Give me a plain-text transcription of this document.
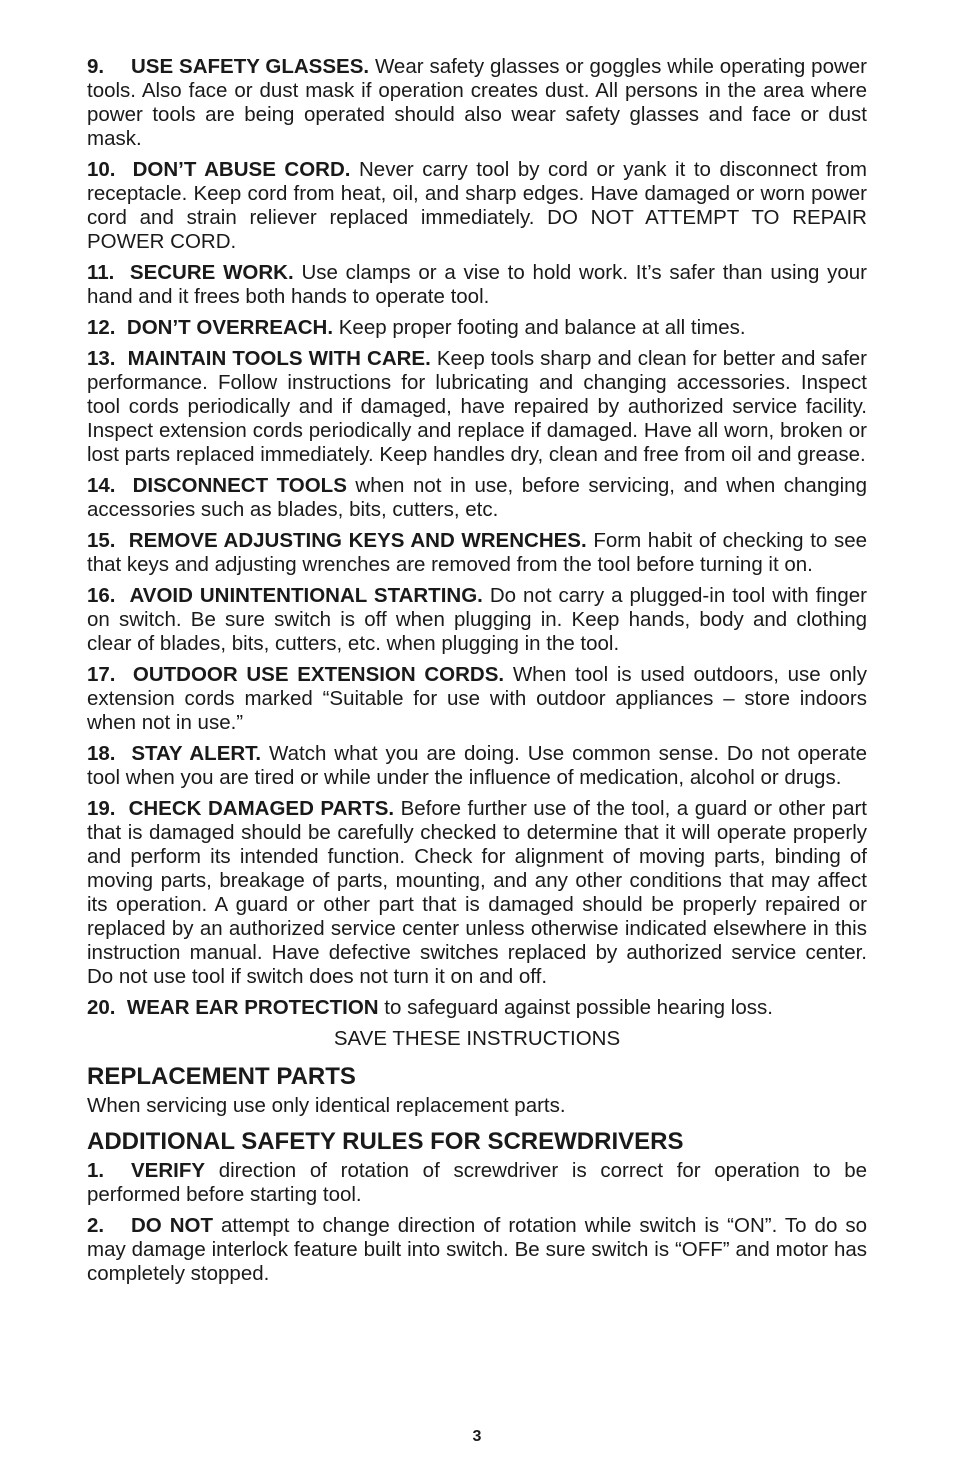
9. USE SAFETY GLASSES. Wear safety glasses or goggles while operating power tools. Also face or dust mask if operation creates dust. All persons in the area where power tools are being operated should also wear safety glasses and face or dust mask.

10. DON’T ABUSE CORD. Never carry tool by cord or yank it to disconnect from receptacle. Keep cord from heat, oil, and sharp edges. Have damaged or worn power cord and strain reliever replaced immediately. DO NOT ATTEMPT TO REPAIR POWER CORD.

11. SECURE WORK. Use clamps or a vise to hold work. It’s safer than using your hand and it frees both hands to operate tool.

12. DON’T OVERREACH. Keep proper footing and balance at all times.

13. MAINTAIN TOOLS WITH CARE. Keep tools sharp and clean for better and safer performance. Follow instructions for lubricating and changing accessories. Inspect tool cords periodically and if damaged, have repaired by authorized service facility. Inspect extension cords periodically and replace if damaged. Have all worn, broken or lost parts replaced immediately. Keep handles dry, clean and free from oil and grease.

14. DISCONNECT TOOLS when not in use, before servicing, and when changing accessories such as blades, bits, cutters, etc.

15. REMOVE ADJUSTING KEYS AND WRENCHES. Form habit of checking to see that keys and adjusting wrenches are removed from the tool before turning it on.

16. AVOID UNINTENTIONAL STARTING. Do not carry a plugged-in tool with finger on switch. Be sure switch is off when plugging in. Keep hands, body and clothing clear of blades, bits, cutters, etc. when plugging in the tool.

17. OUTDOOR USE EXTENSION CORDS. When tool is used outdoors, use only extension cords marked “Suitable for use with outdoor appliances – store indoors when not in use.”

18. STAY ALERT. Watch what you are doing. Use common sense. Do not operate tool when you are tired or while under the influence of medication, alcohol or drugs.

19. CHECK DAMAGED PARTS. Before further use of the tool, a guard or other part that is damaged should be carefully checked to determine that it will operate properly and perform its intended function. Check for alignment of moving parts, binding of moving parts, breakage of parts, mounting, and any other conditions that may affect its operation. A guard or other part that is damaged should be properly repaired or replaced by an authorized service center unless otherwise indicated elsewhere in this instruction manual. Have defective switches replaced by authorized service center. Do not use tool if switch does not turn it on and off.

20. WEAR EAR PROTECTION to safeguard against possible hearing loss.

SAVE THESE INSTRUCTIONS

REPLACEMENT PARTS

When servicing use only identical replacement parts.

ADDITIONAL SAFETY RULES FOR SCREWDRIVERS

1. VERIFY direction of rotation of screwdriver is correct for operation to be performed before starting tool.

2. DO NOT attempt to change direction of rotation while switch is “ON”. To do so may damage interlock feature built into switch. Be sure switch is “OFF” and motor has completely stopped.

3
